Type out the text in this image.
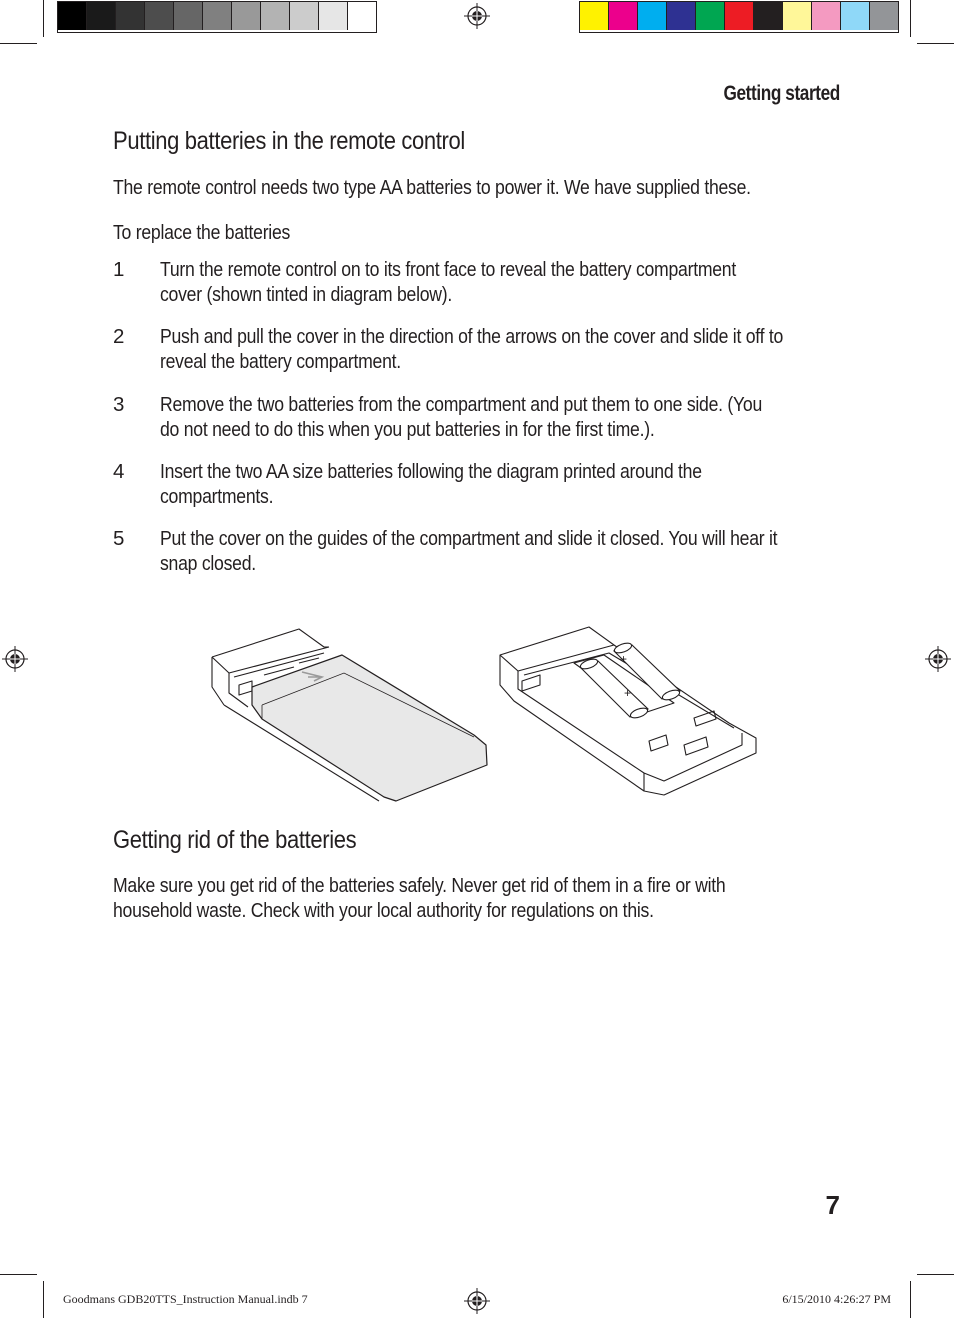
Getting started
Putting batteries in the remote control

The remote control needs two type AA batteries to power it. We have supplied these.

To replace the batteries

1 Turn the remote control on to its front face to reveal the battery compartment
cover (shown tinted in diagram below).
2 Push and pull the cover in the direction of the arrows on the cover and slide it off to
reveal the battery compartment.
3 Remove the two batteries from the compartment and put them to one side. (You
do not need to do this when you put batteries in for the first time.).
4 Insert the two AA size batteries following the diagram printed around the
compartments.
5 Put the cover on the guides of the compartment and slide it closed. You will hear it
snap closed.
+
+
Getting rid of the batteries
Make sure you get rid of the batteries safely. Never get rid of them in a fire or with
household waste. Check with your local authority for regulations on this.
7
Goodmans GDB20TTS_Instruction Manual.indb 7	6/15/2010 4:26:27 PM
